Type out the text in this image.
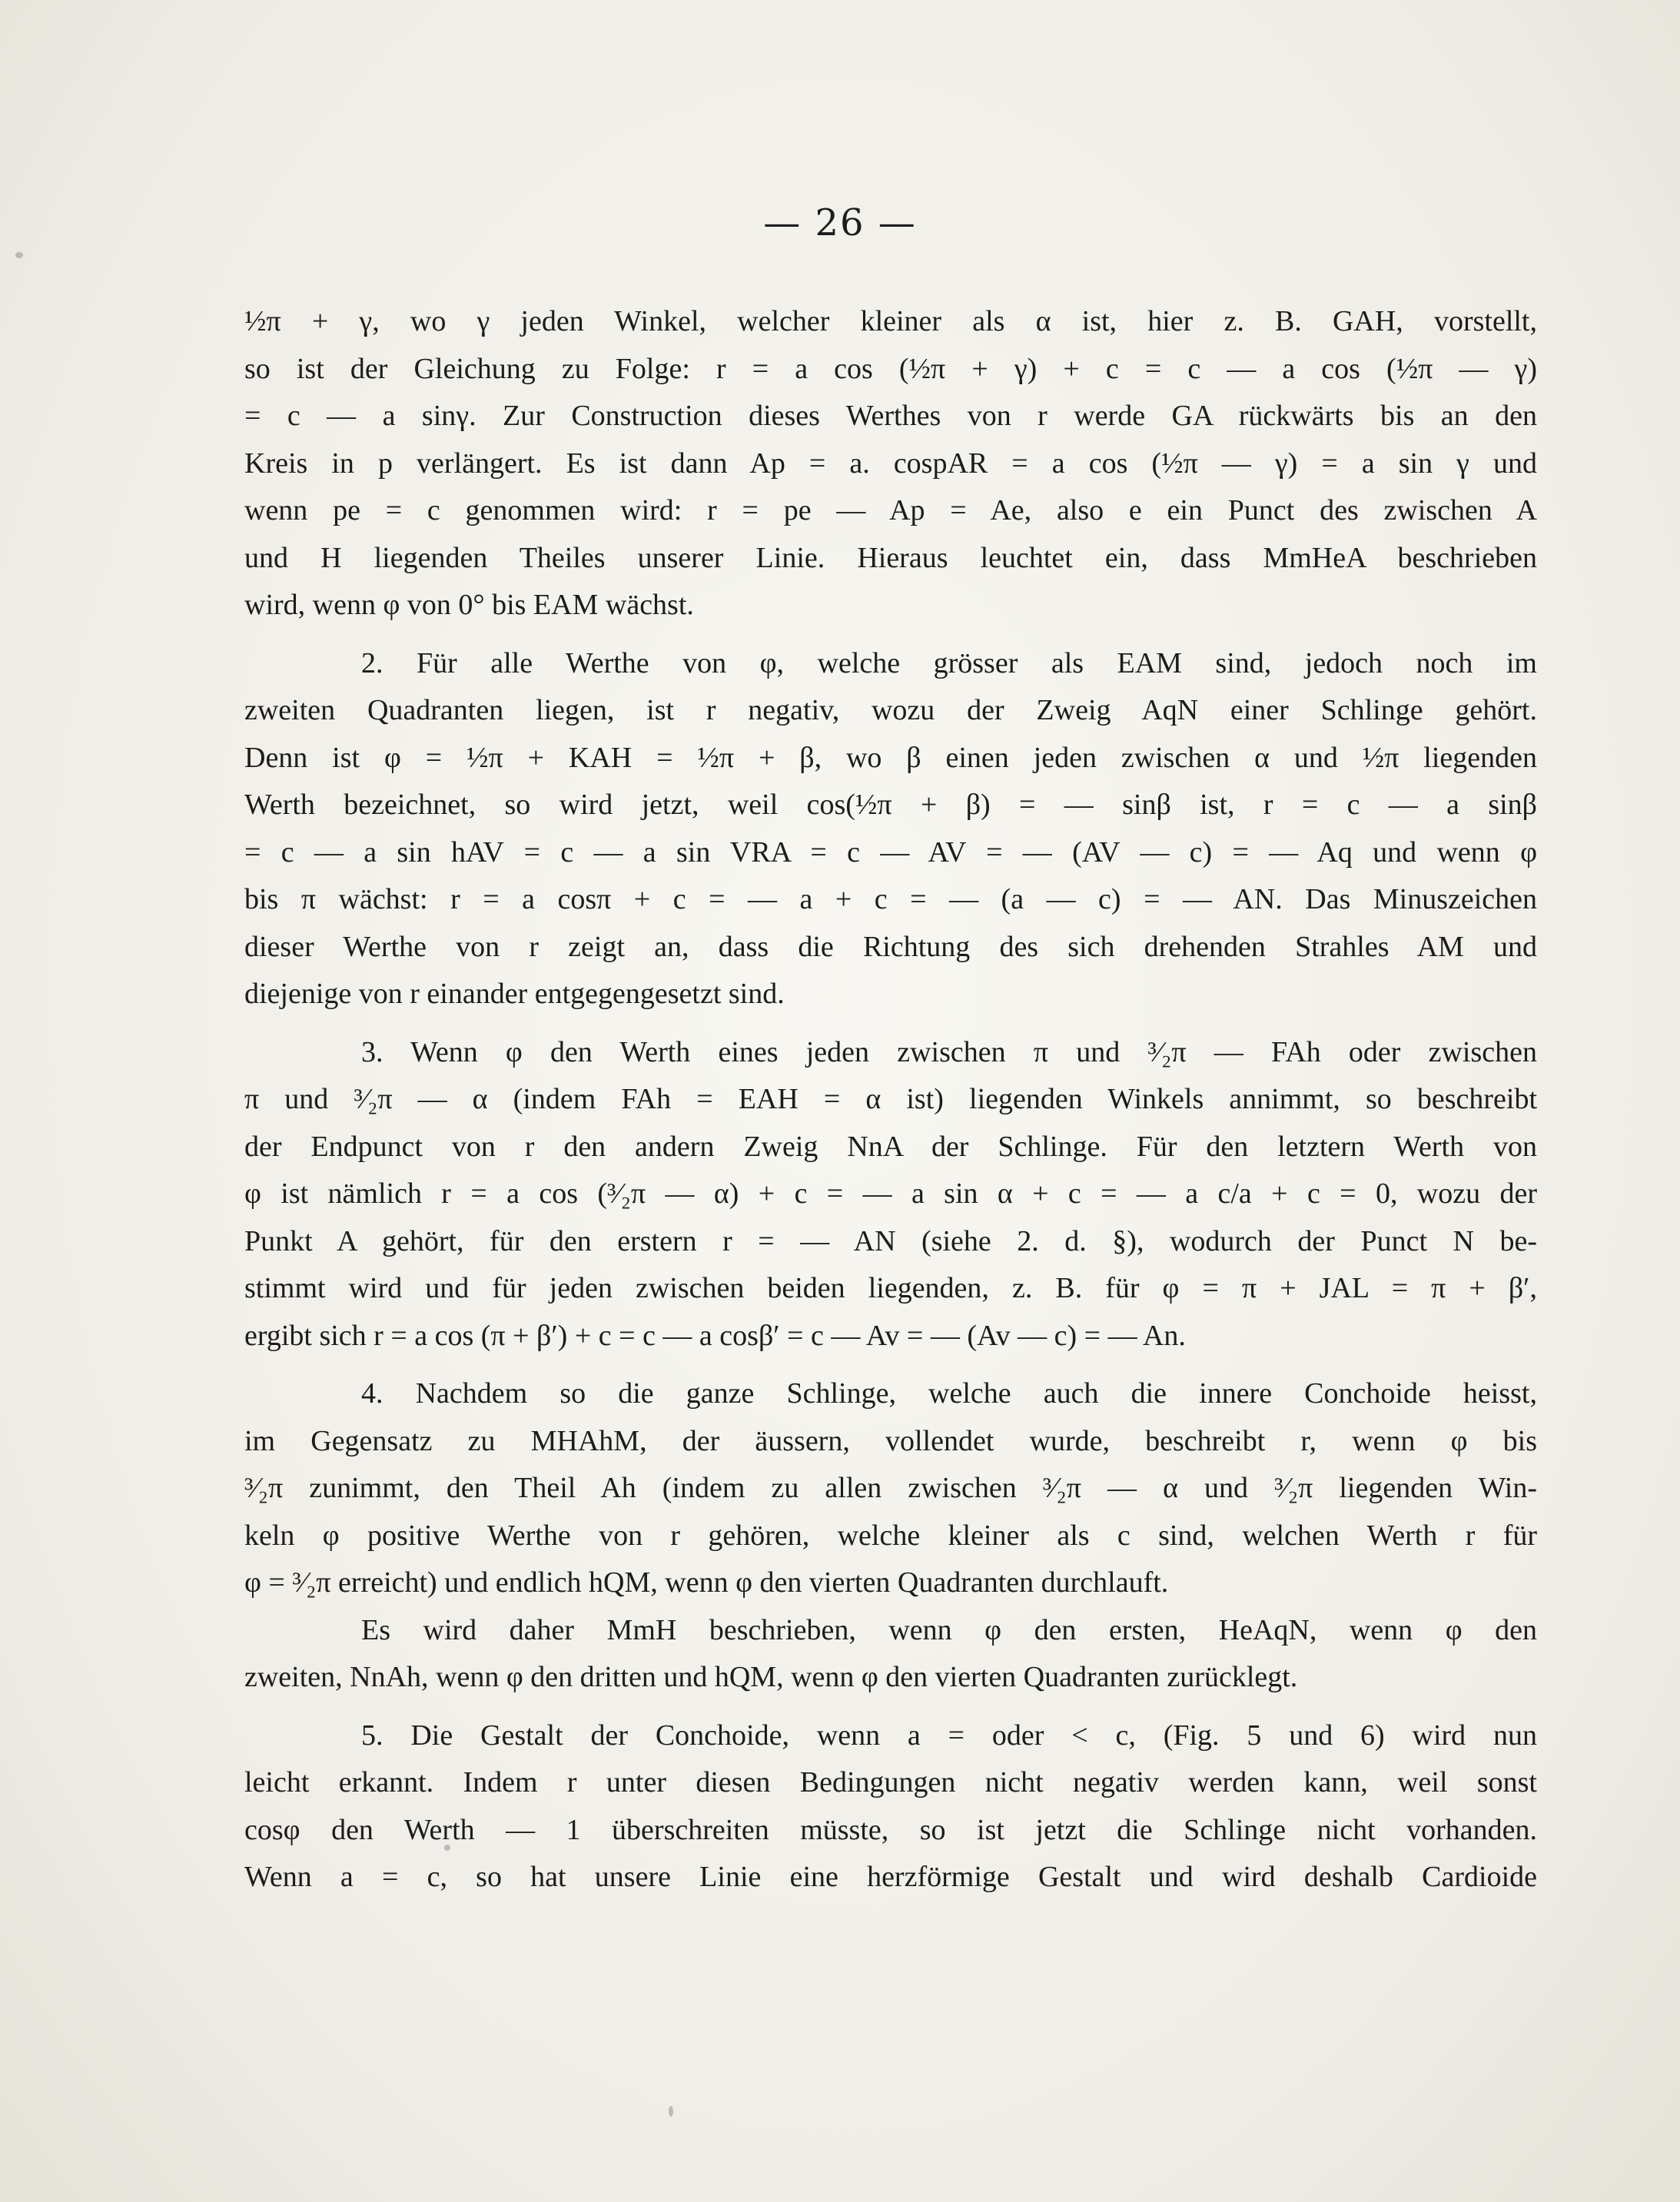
— 26 —
½π + γ, wo γ jeden Winkel, welcher kleiner als α ist, hier z. B. GAH, vorstellt,
so ist der Gleichung zu Folge: r = a cos (½π + γ) + c = c — a cos (½π — γ)
= c — a sinγ. Zur Construction dieses Werthes von r werde GA rückwärts bis an den
Kreis in p verlängert. Es ist dann Ap = a. cospAR = a cos (½π — γ) = a sin γ und
wenn pe = c genommen wird: r = pe — Ap = Ae, also e ein Punct des zwischen A
und H liegenden Theiles unserer Linie. Hieraus leuchtet ein, dass MmHeA beschrieben
wird, wenn φ von 0° bis EAM wächst.
2. Für alle Werthe von φ, welche grösser als EAM sind, jedoch noch im
zweiten Quadranten liegen, ist r negativ, wozu der Zweig AqN einer Schlinge gehört.
Denn ist φ = ½π + KAH = ½π + β, wo β einen jeden zwischen α und ½π liegenden
Werth bezeichnet, so wird jetzt, weil cos(½π + β) = — sinβ ist, r = c — a sinβ
= c — a sin hAV = c — a sin VRA = c — AV = — (AV — c) = — Aq und wenn φ
bis π wächst: r = a cosπ + c = — a + c = — (a — c) = — AN. Das Minuszeichen
dieser Werthe von r zeigt an, dass die Richtung des sich drehenden Strahles AM und
diejenige von r einander entgegengesetzt sind.
3. Wenn φ den Werth eines jeden zwischen π und ³⁄₂π — FAh oder zwischen
π und ³⁄₂π — α (indem FAh = EAH = α ist) liegenden Winkels annimmt, so beschreibt
der Endpunct von r den andern Zweig NnA der Schlinge. Für den letztern Werth von
φ ist nämlich r = a cos (³⁄₂π — α) + c = — a sin α + c = — a c/a + c = 0, wozu der
Punkt A gehört, für den erstern r = — AN (siehe 2. d. §), wodurch der Punct N be-
stimmt wird und für jeden zwischen beiden liegenden, z. B. für φ = π + JAL = π + β′,
ergibt sich r = a cos (π + β′) + c = c — a cosβ′ = c — Av = — (Av — c) = — An.
4. Nachdem so die ganze Schlinge, welche auch die innere Conchoide heisst,
im Gegensatz zu MHAhM, der äussern, vollendet wurde, beschreibt r, wenn φ bis
³⁄₂π zunimmt, den Theil Ah (indem zu allen zwischen ³⁄₂π — α und ³⁄₂π liegenden Win-
keln φ positive Werthe von r gehören, welche kleiner als c sind, welchen Werth r für
φ = ³⁄₂π erreicht) und endlich hQM, wenn φ den vierten Quadranten durchlauft.
Es wird daher MmH beschrieben, wenn φ den ersten, HeAqN, wenn φ den
zweiten, NnAh, wenn φ den dritten und hQM, wenn φ den vierten Quadranten zurücklegt.
5. Die Gestalt der Conchoide, wenn a = oder < c, (Fig. 5 und 6) wird nun
leicht erkannt. Indem r unter diesen Bedingungen nicht negativ werden kann, weil sonst
cosφ den Werth — 1 überschreiten müsste, so ist jetzt die Schlinge nicht vorhanden.
Wenn a = c, so hat unsere Linie eine herzförmige Gestalt und wird deshalb Cardioide
